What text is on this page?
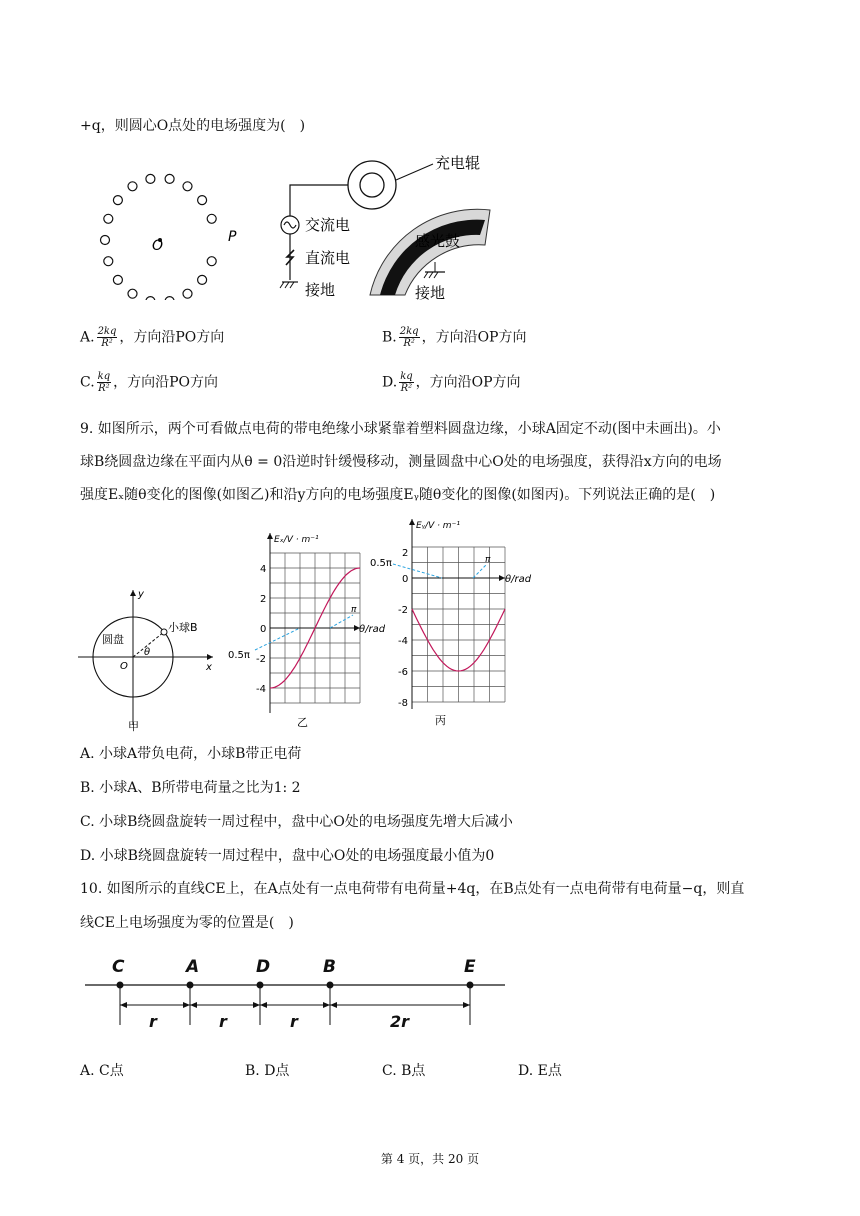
+q，则圆心O点处的电场强度为(　)
O
P
充电辊
交流电
直流电
接地
感光鼓
接地
A. $\frac{2kq}{\text{R²}}$ ，方向沿PO方向	B. $\frac{2kq}{\text{R²}}$ ，方向沿OP方向
C. $\frac{kq}{\text{R²}}$ ，方向沿PO方向	D. $\frac{kq}{\text{R²}}$ ，方向沿OP方向
9. 如图所示，两个可看做点电荷的带电绝缘小球紧靠着塑料圆盘边缘，小球A固定不动(图中未画出)。小
球B绕圆盘边缘在平面内从θ = 0沿逆时针缓慢移动，测量圆盘中心O处的电场强度，获得沿x方向的电场
强度Eₓ随θ变化的图像(如图乙)和沿y方向的电场强度Eᵧ随θ变化的图像(如图丙)。下列说法正确的是(　)
小球B
圆盘
x
y
O
θ
甲
Eₓ/V · m⁻¹
θ/rad
4
2
0
-2
-4
0.5π
π
乙
Eᵧ/V · m⁻¹
θ/rad
2
0
-2
-4
-6
-8
0.5π	π
丙
A. 小球A带负电荷，小球B带正电荷
B. 小球A、B所带电荷量之比为1: 2
C. 小球B绕圆盘旋转一周过程中，盘中心O处的电场强度先增大后减小
D. 小球B绕圆盘旋转一周过程中，盘中心O处的电场强度最小值为0
10. 如图所示的直线CE上，在A点处有一点电荷带有电荷量+4q，在B点处有一点电荷带有电荷量−q，则直
线CE上电场强度为零的位置是(　)
C	A	D	B	E
r	r	r	2r
A. C点	B. D点	C. B点	D. E点
第 4 页，共 20 页
